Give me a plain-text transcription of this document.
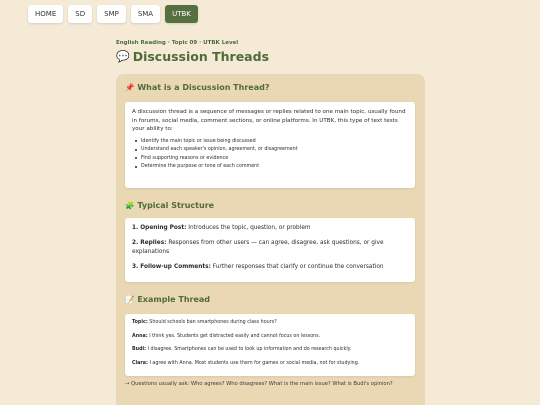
HOME	SD	SMP	SMA	UTBK
English Reading · Topic 09 · UTBK Level
💬 Discussion Threads
📌 What is a Discussion Thread?

A discussion thread is a sequence of messages or replies related to one main topic, usually found in forums, social media, comment sections, or online platforms. In UTBK, this type of text tests your ability to:

Identify the main topic or issue being discussed
Understand each speaker's opinion, agreement, or disagreement
Find supporting reasons or evidence
Determine the purpose or tone of each comment
🧩 Typical Structure
1. Opening Post: Introduces the topic, question, or problem
2. Replies: Responses from other users — can agree, disagree, ask questions, or give explanations
3. Follow-up Comments: Further responses that clarify or continue the conversation
📝 Example Thread
Topic: Should schools ban smartphones during class hours?
Anna: I think yes. Students get distracted easily and cannot focus on lessons.
Budi: I disagree. Smartphones can be used to look up information and do research quickly.
Clara: I agree with Anna. Most students use them for games or social media, not for studying.
→ Questions usually ask: Who agrees? Who disagrees? What is the main issue? What is Budi's opinion?
